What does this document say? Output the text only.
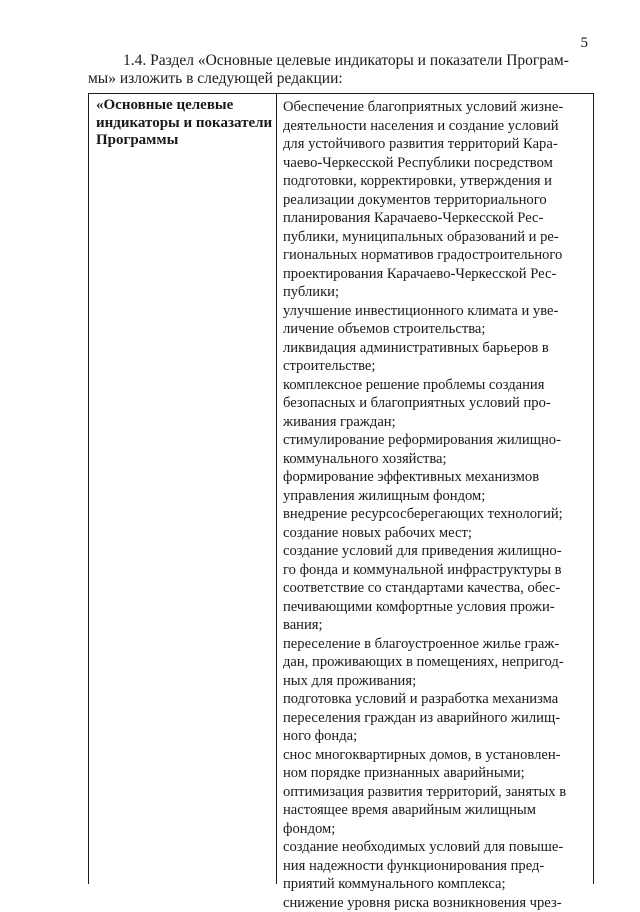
5
1.4. Раздел «Основные целевые индикаторы и показатели Програм-
мы» изложить в следующей редакции:
«Основные целевые
индикаторы и показатели
Программы
Обеспечение благоприятных условий жизне-
деятельности населения и создание условий
для устойчивого развития территорий Кара-
чаево-Черкесской Республики посредством
подготовки, корректировки, утверждения и
реализации документов территориального
планирования Карачаево-Черкесской Рес-
публики, муниципальных образований и ре-
гиональных нормативов градостроительного
проектирования Карачаево-Черкесской Рес-
публики;
улучшение инвестиционного климата и уве-
личение объемов строительства;
ликвидация административных барьеров в
строительстве;
комплексное решение проблемы создания
безопасных и благоприятных условий про-
живания граждан;
стимулирование реформирования жилищно-
коммунального хозяйства;
формирование эффективных механизмов
управления жилищным фондом;
внедрение ресурсосберегающих технологий;
создание новых рабочих мест;
создание условий для приведения жилищно-
го фонда и коммунальной инфраструктуры в
соответствие со стандартами качества, обес-
печивающими комфортные условия прожи-
вания;
переселение в благоустроенное жилье граж-
дан, проживающих в помещениях, непригод-
ных для проживания;
подготовка условий и разработка механизма
переселения граждан из аварийного жилищ-
ного фонда;
снос многоквартирных домов, в установлен-
ном порядке признанных аварийными;
оптимизация развития территорий, занятых в
настоящее время аварийным жилищным
фондом;
создание необходимых условий для повыше-
ния надежности функционирования пред-
приятий коммунального комплекса;
снижение уровня риска возникновения чрез-
